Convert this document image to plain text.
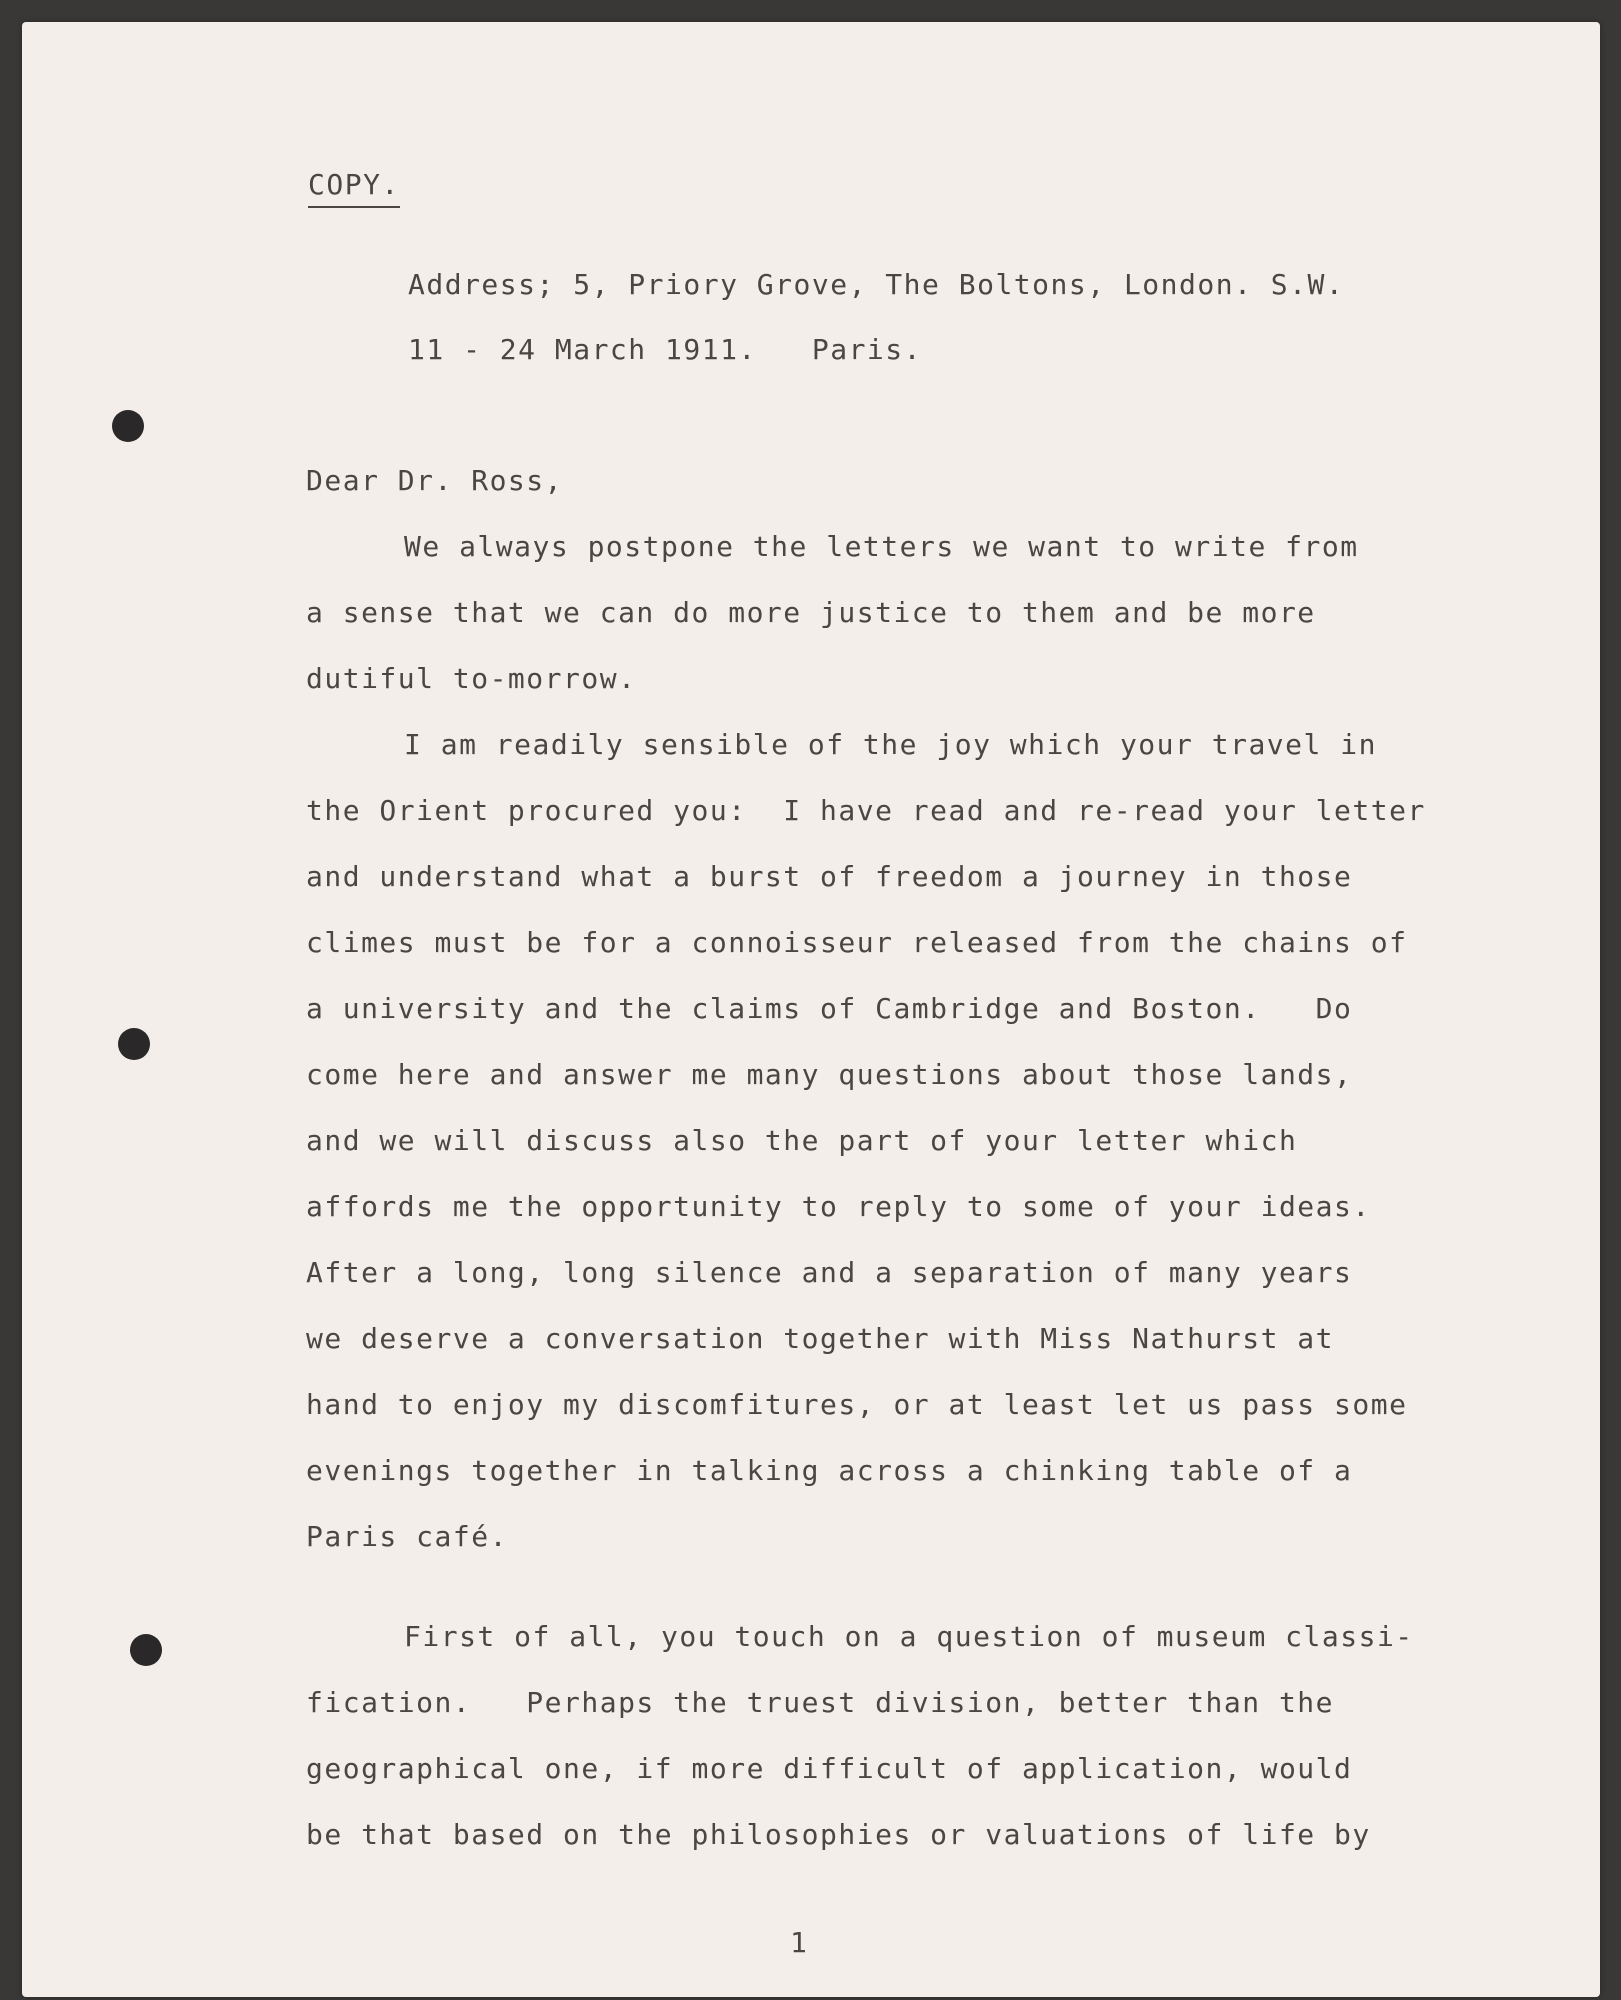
COPY.
Address; 5, Priory Grove, The Boltons, London. S.W.
11 - 24 March 1911.   Paris.
Dear Dr. Ross,
We always postpone the letters we want to write from
a sense that we can do more justice to them and be more
dutiful to-morrow.
I am readily sensible of the joy which your travel in
the Orient procured you:  I have read and re-read your letter
and understand what a burst of freedom a journey in those
climes must be for a connoisseur released from the chains of
a university and the claims of Cambridge and Boston.   Do
come here and answer me many questions about those lands,
and we will discuss also the part of your letter which
affords me the opportunity to reply to some of your ideas.
After a long, long silence and a separation of many years
we deserve a conversation together with Miss Nathurst at
hand to enjoy my discomfitures, or at least let us pass some
evenings together in talking across a chinking table of a
Paris café.
First of all, you touch on a question of museum classi-
fication.   Perhaps the truest division, better than the
geographical one, if more difficult of application, would
be that based on the philosophies or valuations of life by
1
